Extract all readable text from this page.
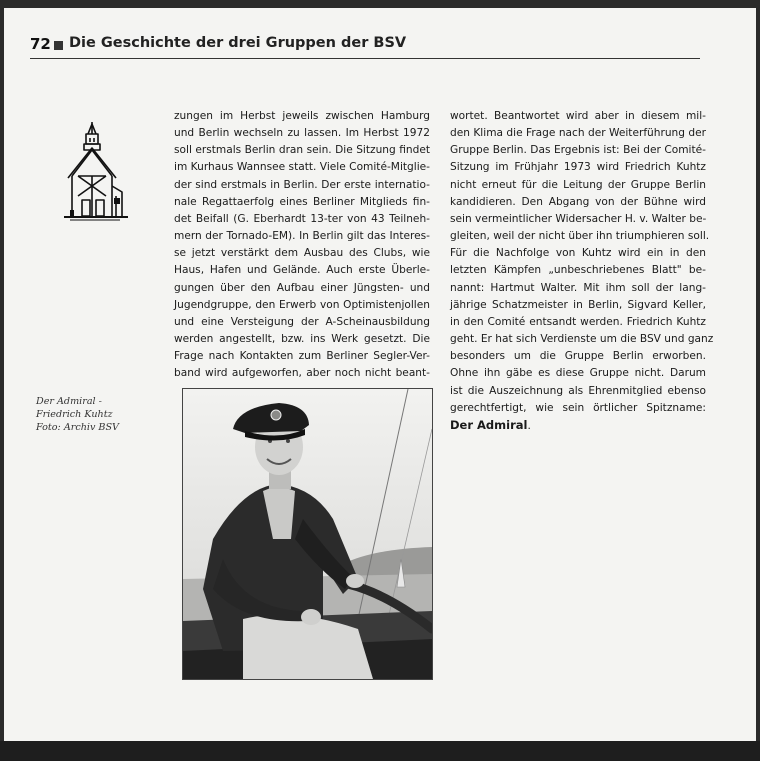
72 Die Geschichte der drei Gruppen der BSV
zungen im Herbst jeweils zwischen Hamburg
und Berlin wechseln zu lassen. Im Herbst 1972
soll erstmals Berlin dran sein. Die Sitzung findet
im Kurhaus Wannsee statt. Viele Comité-Mitglie-
der sind erstmals in Berlin. Der erste internatio-
nale Regattaerfolg eines Berliner Mitglieds fin-
det Beifall (G. Eberhardt 13-ter von 43 Teilneh-
mern der Tornado-EM). In Berlin gilt das Interes-
se jetzt verstärkt dem Ausbau des Clubs, wie
Haus, Hafen und Gelände. Auch erste Überle-
gungen über den Aufbau einer Jüngsten- und
Jugendgruppe, den Erwerb von Optimistenjollen
und eine Versteigung der A-Scheinausbildung
werden angestellt, bzw. ins Werk gesetzt. Die
Frage nach Kontakten zum Berliner Segler-Ver-
band wird aufgeworfen, aber noch nicht beant-
wortet. Beantwortet wird aber in diesem mil-
den Klima die Frage nach der Weiterführung der
Gruppe Berlin. Das Ergebnis ist: Bei der Comité-
Sitzung im Frühjahr 1973 wird Friedrich Kuhtz
nicht erneut für die Leitung der Gruppe Berlin
kandidieren. Den Abgang von der Bühne wird
sein vermeintlicher Widersacher H. v. Walter be-
gleiten, weil der nicht über ihn triumphieren soll.
Für die Nachfolge von Kuhtz wird ein in den
letzten Kämpfen „unbeschriebenes Blatt" be-
nannt: Hartmut Walter. Mit ihm soll der lang-
jährige Schatzmeister in Berlin, Sigvard Keller,
in den Comité entsandt werden. Friedrich Kuhtz
geht. Er hat sich Verdienste um die BSV und ganz
besonders um die Gruppe Berlin erworben.
Ohne ihn gäbe es diese Gruppe nicht. Darum
ist die Auszeichnung als Ehrenmitglied ebenso
gerechtfertigt, wie sein örtlicher Spitzname:
Der Admiral.
Der Admiral -
Friedrich Kuhtz
Foto: Archiv BSV
